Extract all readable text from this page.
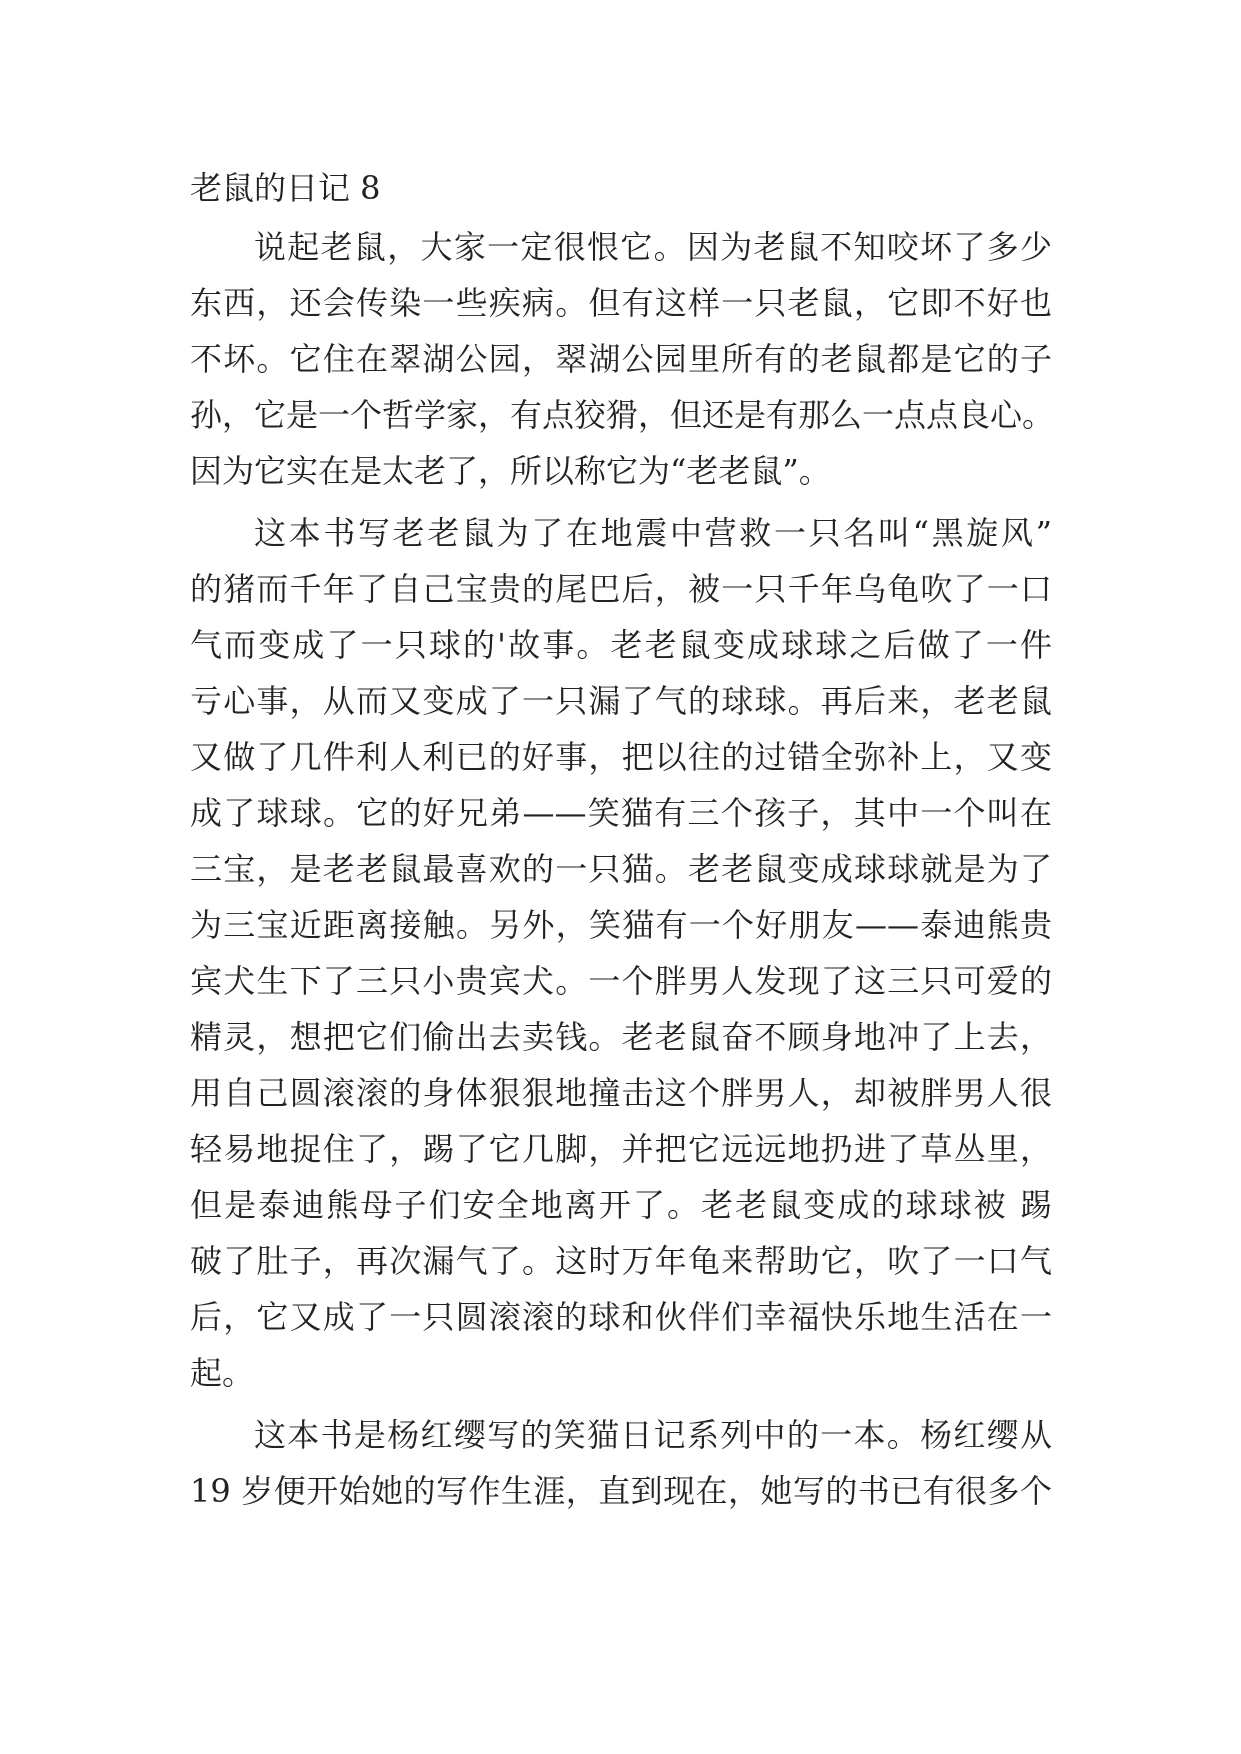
老鼠的日记 8

说起老鼠，大家一定很恨它。因为老鼠不知咬坏了多少

东西，还会传染一些疾病。但有这样一只老鼠，它即不好也

不坏。它住在翠湖公园，翠湖公园里所有的老鼠都是它的子

孙，它是一个哲学家，有点狡猾，但还是有那么一点点良心。

因为它实在是太老了，所以称它为“老老鼠”。

这本书写老老鼠为了在地震中营救一只名叫“黑旋风”

的猪而千年了自己宝贵的尾巴后，被一只千年乌龟吹了一口

气而变成了一只球的'故事。老老鼠变成球球之后做了一件

亏心事，从而又变成了一只漏了气的球球。再后来，老老鼠

又做了几件利人利已的好事，把以往的过错全弥补上，又变

成了球球。它的好兄弟——笑猫有三个孩子，其中一个叫在

三宝，是老老鼠最喜欢的一只猫。老老鼠变成球球就是为了

为三宝近距离接触。另外，笑猫有一个好朋友——泰迪熊贵

宾犬生下了三只小贵宾犬。一个胖男人发现了这三只可爱的

精灵，想把它们偷出去卖钱。老老鼠奋不顾身地冲了上去，

用自己圆滚滚的身体狠狠地撞击这个胖男人，却被胖男人很

轻易地捉住了，踢了它几脚，并把它远远地扔进了草丛里，

但是泰迪熊母子们安全地离开了。老老鼠变成的球球被 踢

破了肚子，再次漏气了。这时万年龟来帮助它，吹了一口气

后，它又成了一只圆滚滚的球和伙伴们幸福快乐地生活在一

起。

这本书是杨红缨写的笑猫日记系列中的一本。杨红缨从

19 岁便开始她的写作生涯，直到现在，她写的书已有很多个
